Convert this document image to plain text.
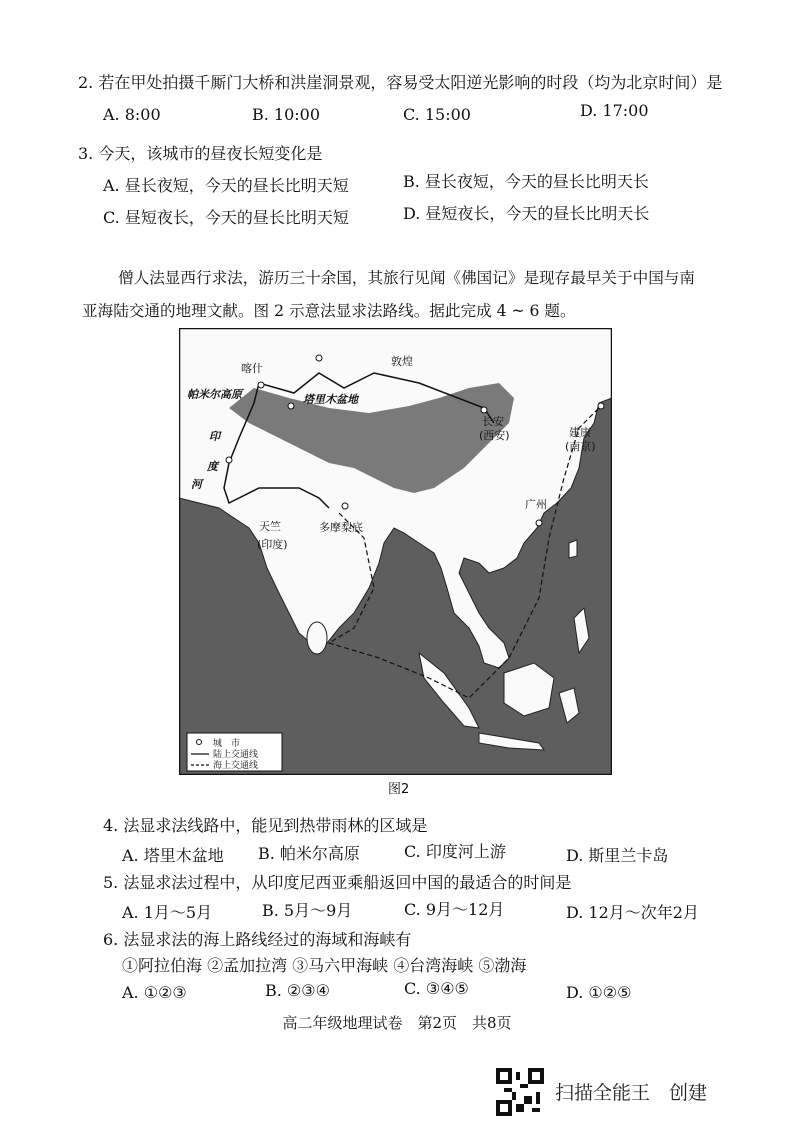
2. 若在甲处拍摄千厮门大桥和洪崖洞景观，容易受太阳逆光影响的时段（均为北京时间）是
A. 8:00	B. 10:00	C. 15:00	D. 17:00
3. 今天，该城市的昼夜长短变化是
A. 昼长夜短，今天的昼长比明天短	B. 昼长夜短，今天的昼长比明天长
C. 昼短夜长，今天的昼长比明天短	D. 昼短夜长，今天的昼长比明天长
僧人法显西行求法，游历三十余国，其旅行见闻《佛国记》是现存最早关于中国与南
亚海陆交通的地理文献。图 2 示意法显求法路线。据此完成 4 ~ 6 题。
喀什
敦煌
帕米尔高原	塔里木盆地
长安
(西安)	建康
(南京)
印
度
河
天竺
(印度)
多摩梨底
广州
城　市
陆上交通线
海上交通线
图2
4. 法显求法线路中，能见到热带雨林的区域是
A. 塔里木盆地 B. 帕米尔高原	C. 印度河上游	D. 斯里兰卡岛
5. 法显求法过程中，从印度尼西亚乘船返回中国的最适合的时间是
A. 1月～5月	B. 5月～9月	C. 9月～12月	D. 12月～次年2月
6. 法显求法的海上路线经过的海域和海峡有
①阿拉伯海 ②孟加拉湾 ③马六甲海峡 ④台湾海峡 ⑤渤海
A. ①②③	B. ②③④	C. ③④⑤	D. ①②⑤
高二年级地理试卷　第2页　共8页
扫描全能王　创建
